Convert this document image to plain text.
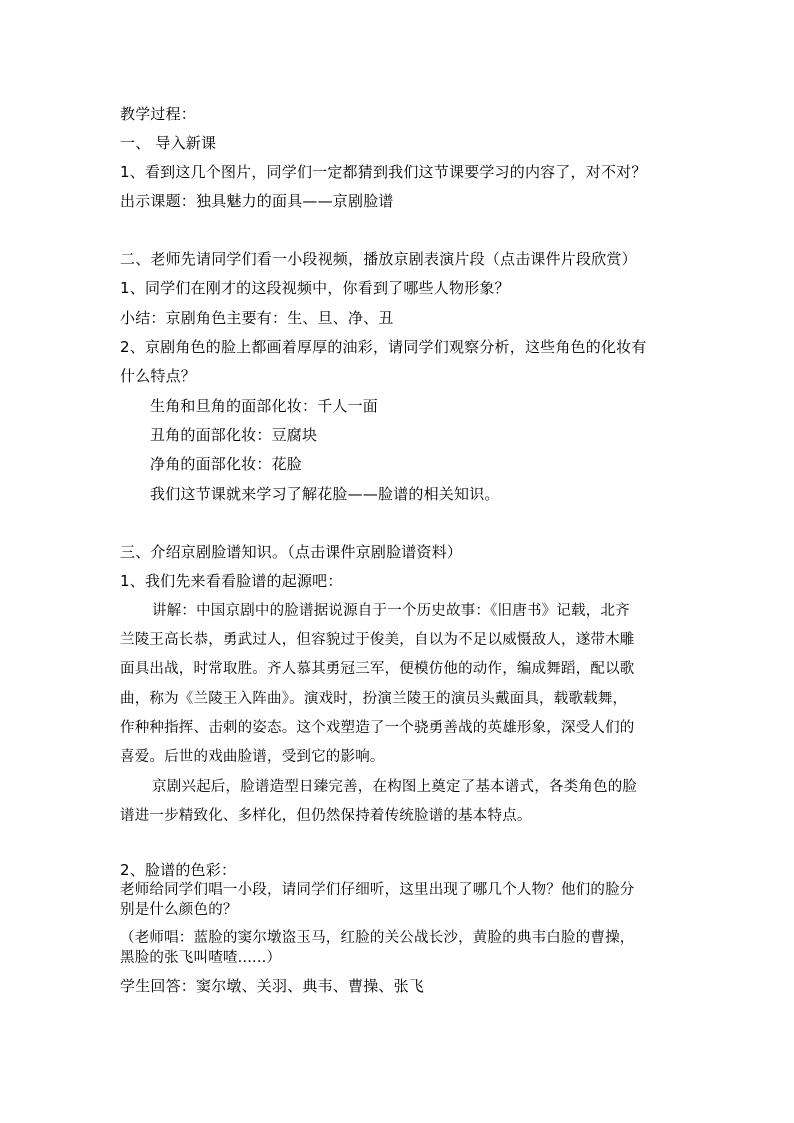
教学过程：
一、 导入新课
1、看到这几个图片，同学们一定都猜到我们这节课要学习的内容了，对不对？
出示课题：独具魅力的面具——京剧脸谱
二、老师先请同学们看一小段视频，播放京剧表演片段（点击课件片段欣赏）
1、同学们在刚才的这段视频中，你看到了哪些人物形象？
小结：京剧角色主要有：生、旦、净、丑
2、京剧角色的脸上都画着厚厚的油彩，请同学们观察分析，这些角色的化妆有
什么特点？
生角和旦角的面部化妆：千人一面
丑角的面部化妆：豆腐块
净角的面部化妆：花脸
我们这节课就来学习了解花脸——脸谱的相关知识。
三、介绍京剧脸谱知识。（点击课件京剧脸谱资料）
1、我们先来看看脸谱的起源吧：
讲解：中国京剧中的脸谱据说源自于一个历史故事：《旧唐书》记载，北齐
兰陵王高长恭，勇武过人，但容貌过于俊美，自以为不足以威慑敌人，遂带木雕
面具出战，时常取胜。齐人慕其勇冠三军，便模仿他的动作，编成舞蹈，配以歌
曲，称为《兰陵王入阵曲》。演戏时，扮演兰陵王的演员头戴面具，载歌载舞，
作种种指挥、击刺的姿态。这个戏塑造了一个骁勇善战的英雄形象，深受人们的
喜爱。后世的戏曲脸谱，受到它的影响。
京剧兴起后，脸谱造型日臻完善，在构图上奠定了基本谱式，各类角色的脸
谱进一步精致化、多样化，但仍然保持着传统脸谱的基本特点。
2、脸谱的色彩：
老师给同学们唱一小段，请同学们仔细听，这里出现了哪几个人物？他们的脸分
别是什么颜色的？
（老师唱：蓝脸的窦尔墩盗玉马，红脸的关公战长沙，黄脸的典韦白脸的曹操，
黑脸的张飞叫喳喳......）
学生回答：窦尔墩、关羽、典韦、曹操、张飞
